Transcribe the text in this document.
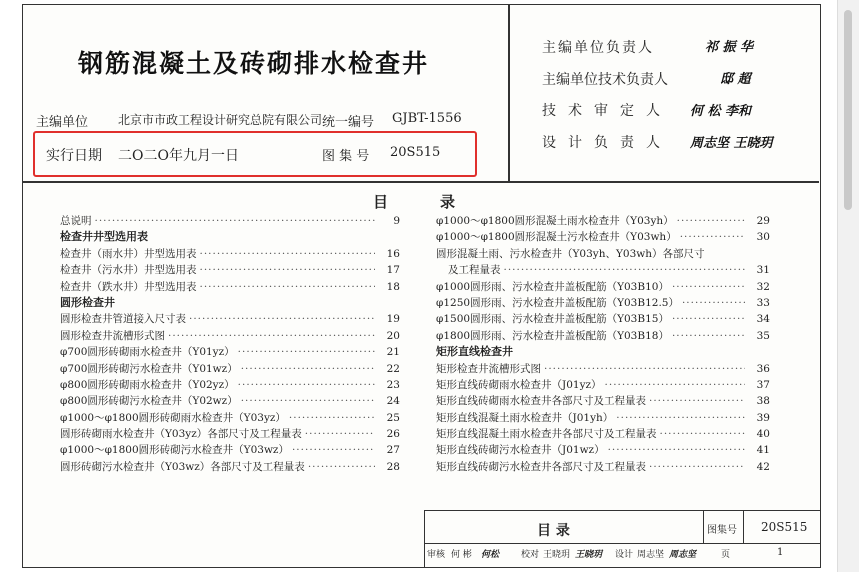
钢筋混凝土及砖砌排水检查井
主编单位 北京市市政工程设计研究总院有限公司 统一编号 GJBT-1556
实行日期 二O二O年九月一日	图 集 号 20S515
主编单位负责人	祁 振 华
主编单位技术负责人	邸 超
技术审定人 何 松 李和
设计负责人 周志坚 王晓玥
目	录
总说明 ·····	9
检查井井型选用表
检查井（雨水井）井型选用表 ·····	16
检查井（污水井）井型选用表 ·····	17
检查井（跌水井）井型选用表 ·····	18
圆形检查井
圆形检查井管道接入尺寸表 ·····	19
圆形检查井流槽形式图 ·····	20
φ700圆形砖砌雨水检查井（Y01yz） ·····	21
φ700圆形砖砌污水检查井（Y01wz） ·····	22
φ800圆形砖砌雨水检查井（Y02yz） ·····	23
φ800圆形砖砌污水检查井（Y02wz） ·····	24
φ1000～φ1800圆形砖砌雨水检查井（Y03yz） ·····	25
圆形砖砌雨水检查井（Y03yz）各部尺寸及工程量表 ·····	26
φ1000～φ1800圆形砖砌污水检查井（Y03wz） ·····	27
圆形砖砌污水检查井（Y03wz）各部尺寸及工程量表 ·····	28
φ1000～φ1800圆形混凝土雨水检查井（Y03yh） ·····	29
φ1000～φ1800圆形混凝土污水检查井（Y03wh） ·····	30
圆形混凝土雨、污水检查井（Y03yh、Y03wh）各部尺寸
及工程量表 ·····	31
φ1000圆形雨、污水检查井盖板配筋（Y03B10） ·····	32
φ1250圆形雨、污水检查井盖板配筋（Y03B12.5） ·····	33
φ1500圆形雨、污水检查井盖板配筋（Y03B15） ·····	34
φ1800圆形雨、污水检查井盖板配筋（Y03B18） ·····	35
矩形直线检查井
矩形检查井流槽形式图 ·····	36
矩形直线砖砌雨水检查井（J01yz） ·····	37
矩形直线砖砌雨水检查井各部尺寸及工程量表 ·····	38
矩形直线混凝土雨水检查井（J01yh） ·····	39
矩形直线混凝土雨水检查井各部尺寸及工程量表 ·····	40
矩形直线砖砌污水检查井（J01wz） ·····	41
矩形直线砖砌污水检查井各部尺寸及工程量表 ·····	42
目 录	图集号 20S515
审核 何 彬 何松 校对 王晓玥 王晓玥 设计 周志坚 周志坚	页	1
